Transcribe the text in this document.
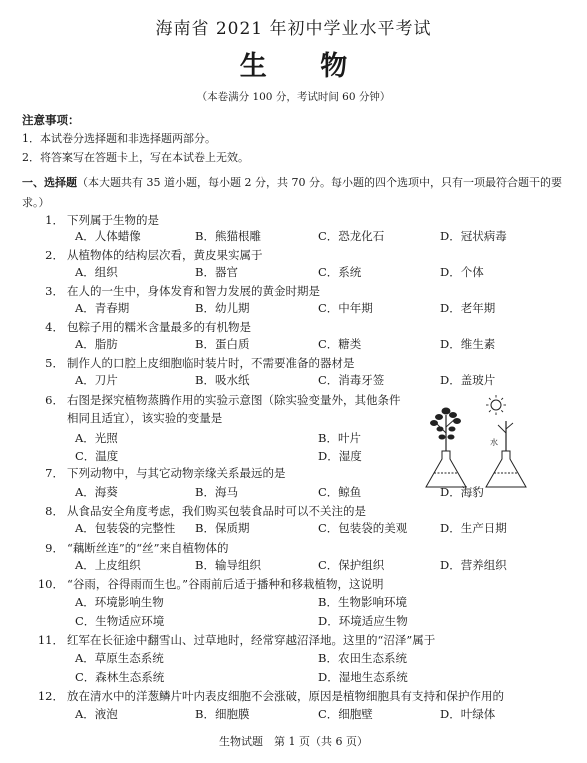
海南省 2021 年初中学业水平考试
生 物
（本卷满分 100 分，考试时间 60 分钟）
注意事项：
1．本试卷分选择题和非选择题两部分。
2．将答案写在答题卡上，写在本试卷上无效。
一、选择题（本大题共有 35 道小题，每小题 2 分，共 70 分。每小题的四个选项中，只有一项最符合题干的要求。）
1． 下列属于生物的是
A．人体蜡像	B．熊猫根雕	C．恐龙化石	D．冠状病毒
2． 从植物体的结构层次看，黄皮果实属于
A．组织	B．器官	C．系统	D．个体
3． 在人的一生中，身体发育和智力发展的黄金时期是
A．青春期	B．幼儿期	C．中年期	D．老年期
4． 包粽子用的糯米含量最多的有机物是
A．脂肪	B．蛋白质	C．糖类	D．维生素
5． 制作人的口腔上皮细胞临时装片时，不需要准备的器材是
A．刀片	B．吸水纸	C．消毒牙签	D．盖玻片
6． 右图是探究植物蒸腾作用的实验示意图（除实验变量外，其他条件
相同且适宜），该实验的变量是
A．光照	B．叶片
C．温度	D．湿度
水
7． 下列动物中，与其它动物亲缘关系最远的是
A．海葵	B．海马	C．鲸鱼	D．海豹
8． 从食品安全角度考虑，我们购买包装食品时可以不关注的是
A．包装袋的完整性 B．保质期	C．包装袋的美观	D．生产日期
9． “藕断丝连”的“丝”来自植物体的
A．上皮组织	B．输导组织	C．保护组织	D．营养组织
10． “谷雨，谷得雨而生也。”谷雨前后适于播种和移栽植物，这说明
A．环境影响生物	B．生物影响环境
C．生物适应环境	D．环境适应生物
11． 红军在长征途中翻雪山、过草地时，经常穿越沼泽地。这里的“沼泽”属于
A．草原生态系统	B．农田生态系统
C．森林生态系统	D．湿地生态系统
12． 放在清水中的洋葱鳞片叶内表皮细胞不会涨破，原因是植物细胞具有支持和保护作用的
A．液泡	B．细胞膜	C．细胞壁	D．叶绿体
生物试题　第 1 页（共 6 页）
